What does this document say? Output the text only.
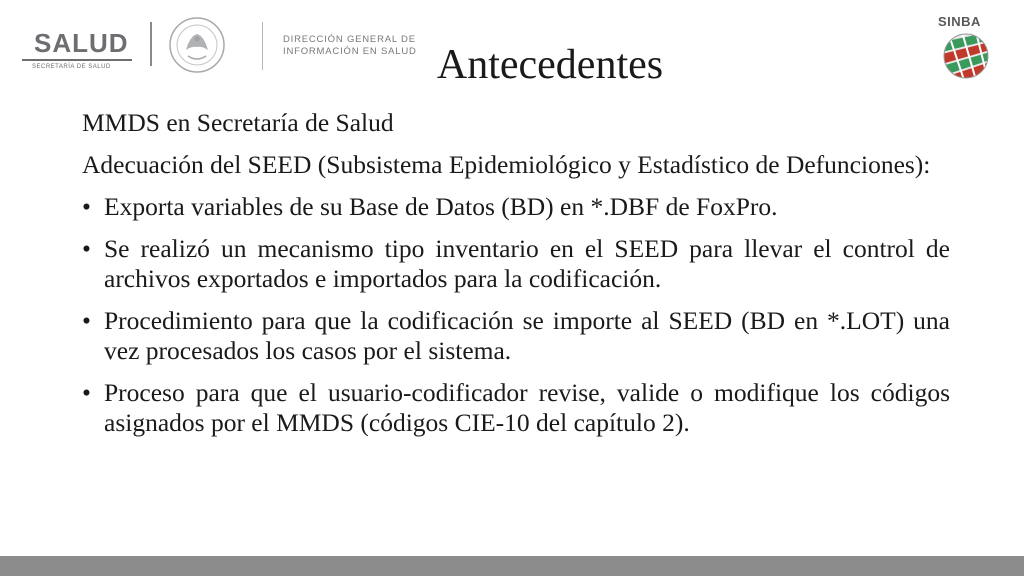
SALUD
SECRETARÍA DE SALUD
DIRECCIÓN GENERAL DE
INFORMACIÓN EN SALUD
SINBA
Antecedentes

MMDS en Secretaría de Salud

Adecuación del SEED (Subsistema Epidemiológico y Estadístico de Defunciones):

• Exporta variables de su Base de Datos (BD) en *.DBF de FoxPro.
• Se realizó un mecanismo tipo inventario en el SEED para llevar el control de archivos exportados e importados para la codificación.
• Procedimiento para que la codificación se importe al SEED (BD en *.LOT) una vez procesados los casos por el sistema.
• Proceso para que el usuario-codificador revise, valide o modifique los códigos asignados por el MMDS (códigos CIE-10 del capítulo 2).
